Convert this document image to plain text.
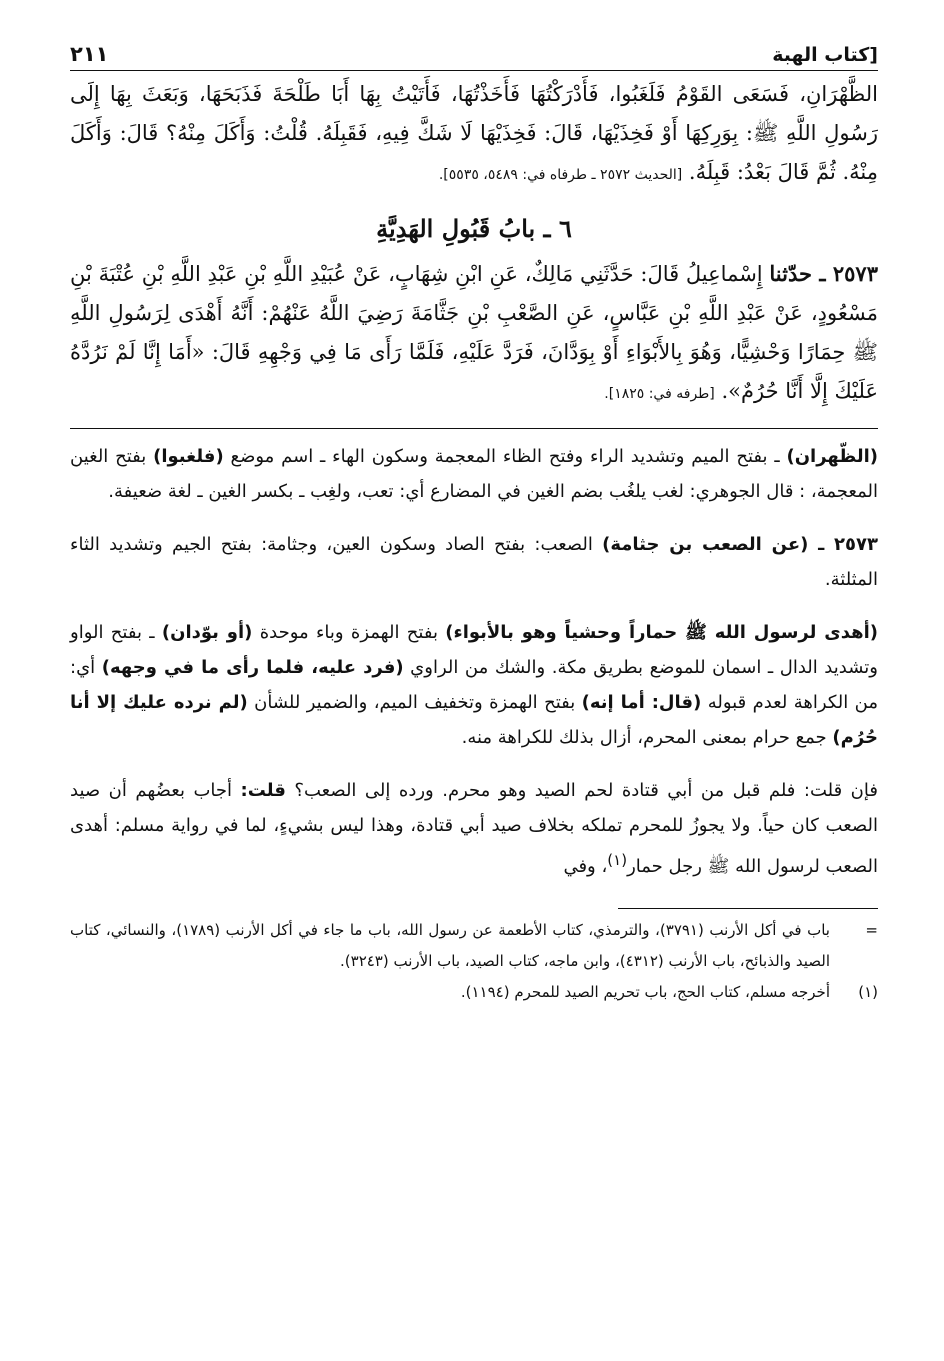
[كتاب الهبة
٢١١

الظَّهْرَانِ، فَسَعَى القَوْمُ فَلَغَبُوا، فَأَدْرَكْتُهَا فَأَخَذْتُهَا، فَأَتَيْتُ بِهَا أَبَا طَلْحَةَ فَذَبَحَهَا، وَبَعَثَ بِهَا إِلَى رَسُولِ اللَّهِ ﷺ: بِوَرِكِهَا أَوْ فَخِذَيْهَا، قَالَ: فَخِذَيْهَا لَا شَكَّ فِيهِ، فَقَبِلَهُ. قُلْتُ: وَأَكَلَ مِنْهُ؟ قَالَ: وَأَكَلَ مِنْهُ. ثُمَّ قَالَ بَعْدُ: قَبِلَهُ. [الحديث ٢٥٧٢ ـ طرفاه في: ٥٤٨٩، ٥٥٣٥].

٦ ـ بابُ قَبُولِ الهَدِيَّةِ

٢٥٧٣ ـ حدّثنا إِسْماعِيلُ قَالَ: حَدَّثَنِي مَالِكٌ، عَنِ ابْنِ شِهَابٍ، عَنْ عُبَيْدِ اللَّهِ بْنِ عَبْدِ اللَّهِ بْنِ عُتْبَةَ بْنِ مَسْعُودٍ، عَنْ عَبْدِ اللَّهِ بْنِ عَبَّاسٍ، عَنِ الصَّعْبِ بْنِ جَثَّامَةَ رَضِيَ اللَّهُ عَنْهُمْ: أَنَّهُ أَهْدَى لِرَسُولِ اللَّهِ ﷺ حِمَارًا وَحْشِيًّا، وَهُوَ بِالأَبْوَاءِ أَوْ بِوَدَّانَ، فَرَدَّ عَلَيْهِ، فَلَمَّا رَأَى مَا فِي وَجْهِهِ قَالَ: «أَمَا إِنَّا لَمْ نَرُدَّهُ عَلَيْكَ إِلَّا أَنَّا حُرُمٌ». [طرفه في: ١٨٢٥].

(الظّهران) ـ بفتح الميم وتشديد الراء وفتح الظاء المعجمة وسكون الهاء ـ اسم موضع (فلغبوا) بفتح الغين المعجمة، : قال الجوهري: لغب يلغُب بضم الغين في المضارع أي: تعب، ولغِب ـ بكسر الغين ـ لغة ضعيفة.

٢٥٧٣ ـ (عن الصعب بن جثامة) الصعب: بفتح الصاد وسكون العين، وجثامة: بفتح الجيم وتشديد الثاء المثلثة.

(أهدى لرسول الله ﷺ حماراً وحشياً وهو بالأبواء) بفتح الهمزة وباء موحدة (أو بوّدان) ـ بفتح الواو وتشديد الدال ـ اسمان للموضع بطريق مكة. والشك من الراوي (فرد عليه، فلما رأى ما في وجهه) أي: من الكراهة لعدم قبوله (قال: أما إنه) بفتح الهمزة وتخفيف الميم، والضمير للشأن (لم نرده عليك إلا أنا حُرُم) جمع حرام بمعنى المحرم، أزال بذلك للكراهة منه.

فإن قلت: فلم قبل من أبي قتادة لحم الصيد وهو محرم. ورده إلى الصعب؟ قلت: أجاب بعضُهم أن صيد الصعب كان حياً. ولا يجوزُ للمحرم تملكه بخلاف صيد أبي قتادة، وهذا ليس بشيءٍ، لما في رواية مسلم: أهدى الصعب لرسول الله ﷺ رجل حمار$^{(١)}$، وفي

=
باب في أكل الأرنب (٣٧٩١)، والترمذي، كتاب الأطعمة عن رسول الله، باب ما جاء في أكل الأرنب (١٧٨٩)، والنسائي، كتاب الصيد والذبائح، باب الأرنب (٤٣١٢)، وابن ماجه، كتاب الصيد، باب الأرنب (٣٢٤٣).
(١)
أخرجه مسلم، كتاب الحج، باب تحريم الصيد للمحرم (١١٩٤).
